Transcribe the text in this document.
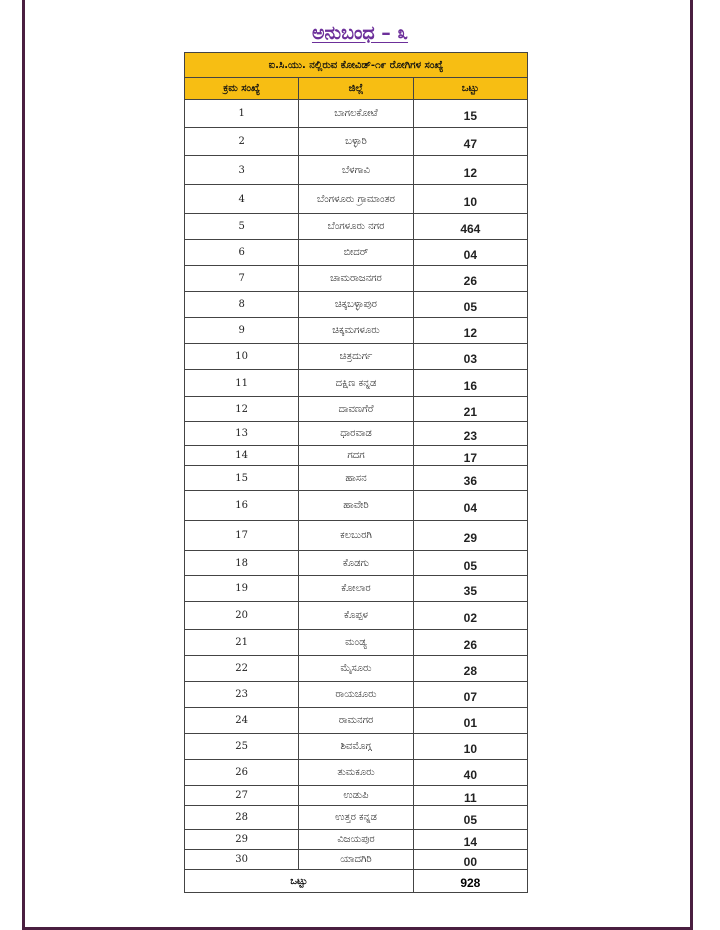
ಅನುಬಂಧ – ೩
ಐ.ಸಿ.ಯು. ನಲ್ಲಿರುವ ಕೋವಿಡ್-೧೯ ರೋಗಿಗಳ ಸಂಖ್ಯೆ		
ಕ್ರಮ ಸಂಖ್ಯೆ	ಜಿಲ್ಲೆ	ಒಟ್ಟು
1	ಬಾಗಲಕೋಟೆ	15
2	ಬಳ್ಳಾರಿ	47
3	ಬೆಳಗಾವಿ	12
4	ಬೆಂಗಳೂರು ಗ್ರಾಮಾಂತರ	10
5	ಬೆಂಗಳೂರು ನಗರ	464
6	ಬೀದರ್	04
7	ಚಾಮರಾಜನಗರ	26
8	ಚಿಕ್ಕಬಳ್ಳಾಪುರ	05
9	ಚಿಕ್ಕಮಗಳೂರು	12
10	ಚಿತ್ರದುರ್ಗ	03
11	ದಕ್ಷಿಣ ಕನ್ನಡ	16
12	ದಾವಣಗೆರೆ	21
13	ಧಾರವಾಡ	23
14	ಗದಗ	17
15	ಹಾಸನ	36
16	ಹಾವೇರಿ	04
17	ಕಲಬುರಗಿ	29
18	ಕೊಡಗು	05
19	ಕೋಲಾರ	35
20	ಕೊಪ್ಪಳ	02
21	ಮಂಡ್ಯ	26
22	ಮೈಸೂರು	28
23	ರಾಯಚೂರು	07
24	ರಾಮನಗರ	01
25	ಶಿವಮೊಗ್ಗ	10
26	ತುಮಕೂರು	40
27	ಉಡುಪಿ	11
28	ಉತ್ತರ ಕನ್ನಡ	05
29	ವಿಜಯಪುರ	14
30	ಯಾದಗಿರಿ	00
ಒಟ್ಟು		928
